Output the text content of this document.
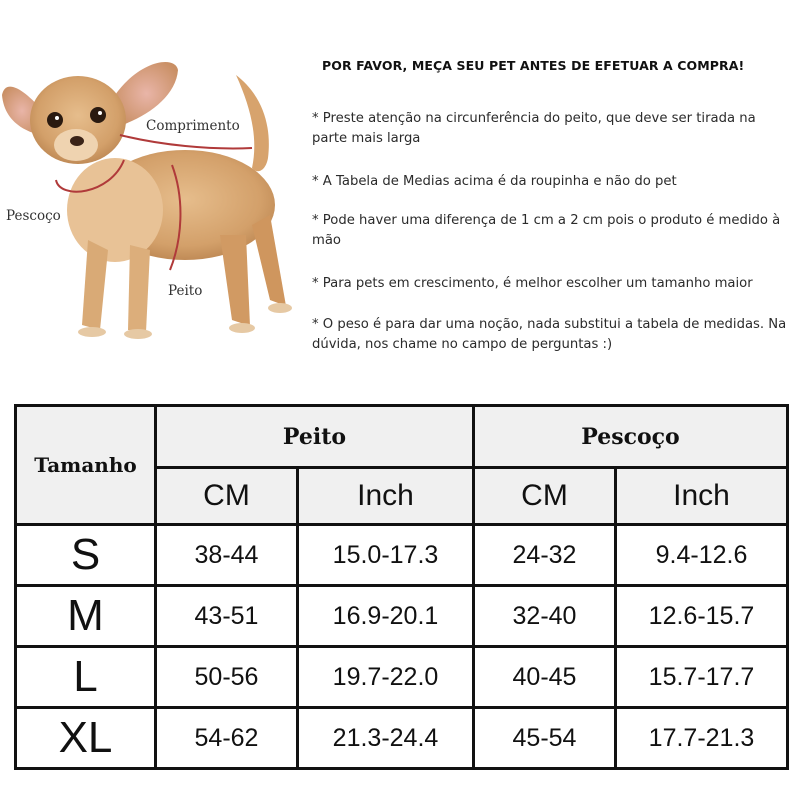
Comprimento
Pescoço
Peito

POR FAVOR, MEÇA SEU PET ANTES DE EFETUAR A COMPRA!

* Preste atenção na circunferência do peito, que deve ser tirada na parte mais larga

* A Tabela de Medias acima é da roupinha e não do pet

* Pode haver uma diferença de 1 cm a 2 cm pois o produto é medido à mão

* Para pets em crescimento, é melhor escolher um tamanho maior

* O peso é para dar uma noção, nada substitui a tabela de medidas. Na dúvida, nos chame no campo de perguntas :)

Tamanho	Peito		Pescoço	
	CM	Inch	CM	Inch
S	38-44	15.0-17.3	24-32	9.4-12.6
M	43-51	16.9-20.1	32-40	12.6-15.7
L	50-56	19.7-22.0	40-45	15.7-17.7
XL	54-62	21.3-24.4	45-54	17.7-21.3
